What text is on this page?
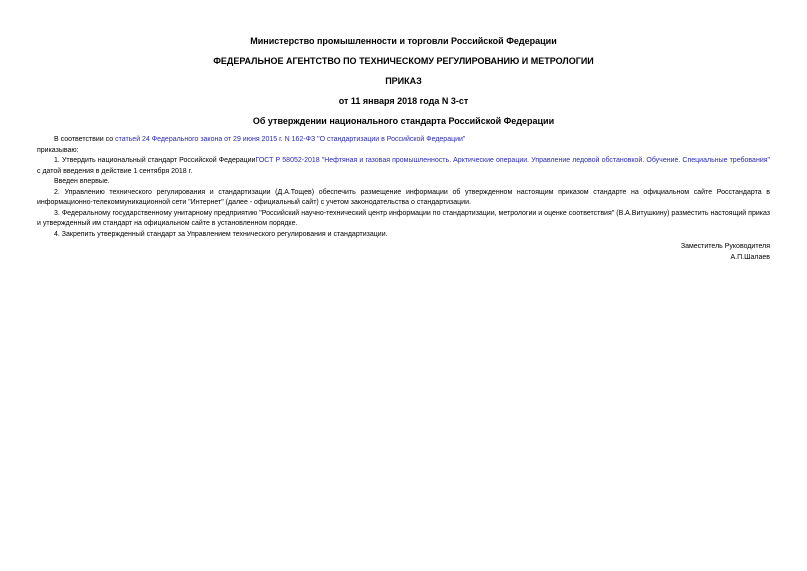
Министерство промышленности и торговли Российской Федерации
ФЕДЕРАЛЬНОЕ АГЕНТСТВО ПО ТЕХНИЧЕСКОМУ РЕГУЛИРОВАНИЮ И МЕТРОЛОГИИ
ПРИКАЗ
от 11 января 2018 года N 3-ст
Об утверждении национального стандарта Российской Федерации

В соответствии со статьей 24 Федерального закона от 29 июня 2015 г. N 162-ФЗ "О стандартизации в Российской Федерации"

приказываю:

1. Утвердить национальный стандарт Российской ФедерацииГОСТ Р 58052-2018 "Нефтяная и газовая промышленность. Арктические операции. Управление ледовой обстановкой. Обучение. Специальные требования" с датой введения в действие 1 сентября 2018 г.

Введен впервые.

2. Управлению технического регулирования и стандартизации (Д.А.Тощев) обеспечить размещение информации об утвержденном настоящим приказом стандарте на официальном сайте Росстандарта в информационно-телекоммуникационной сети "Интернет" (далее - официальный сайт) с учетом законодательства о стандартизации.

3. Федеральному государственному унитарному предприятию "Российский научно-технический центр информации по стандартизации, метрологии и оценке соответствия" (В.А.Витушкину) разместить настоящий приказ и утвержденный им стандарт на официальном сайте в установленном порядке.

4. Закрепить утвержденный стандарт за Управлением технического регулирования и стандартизации.

Заместитель Руководителя
А.П.Шалаев
